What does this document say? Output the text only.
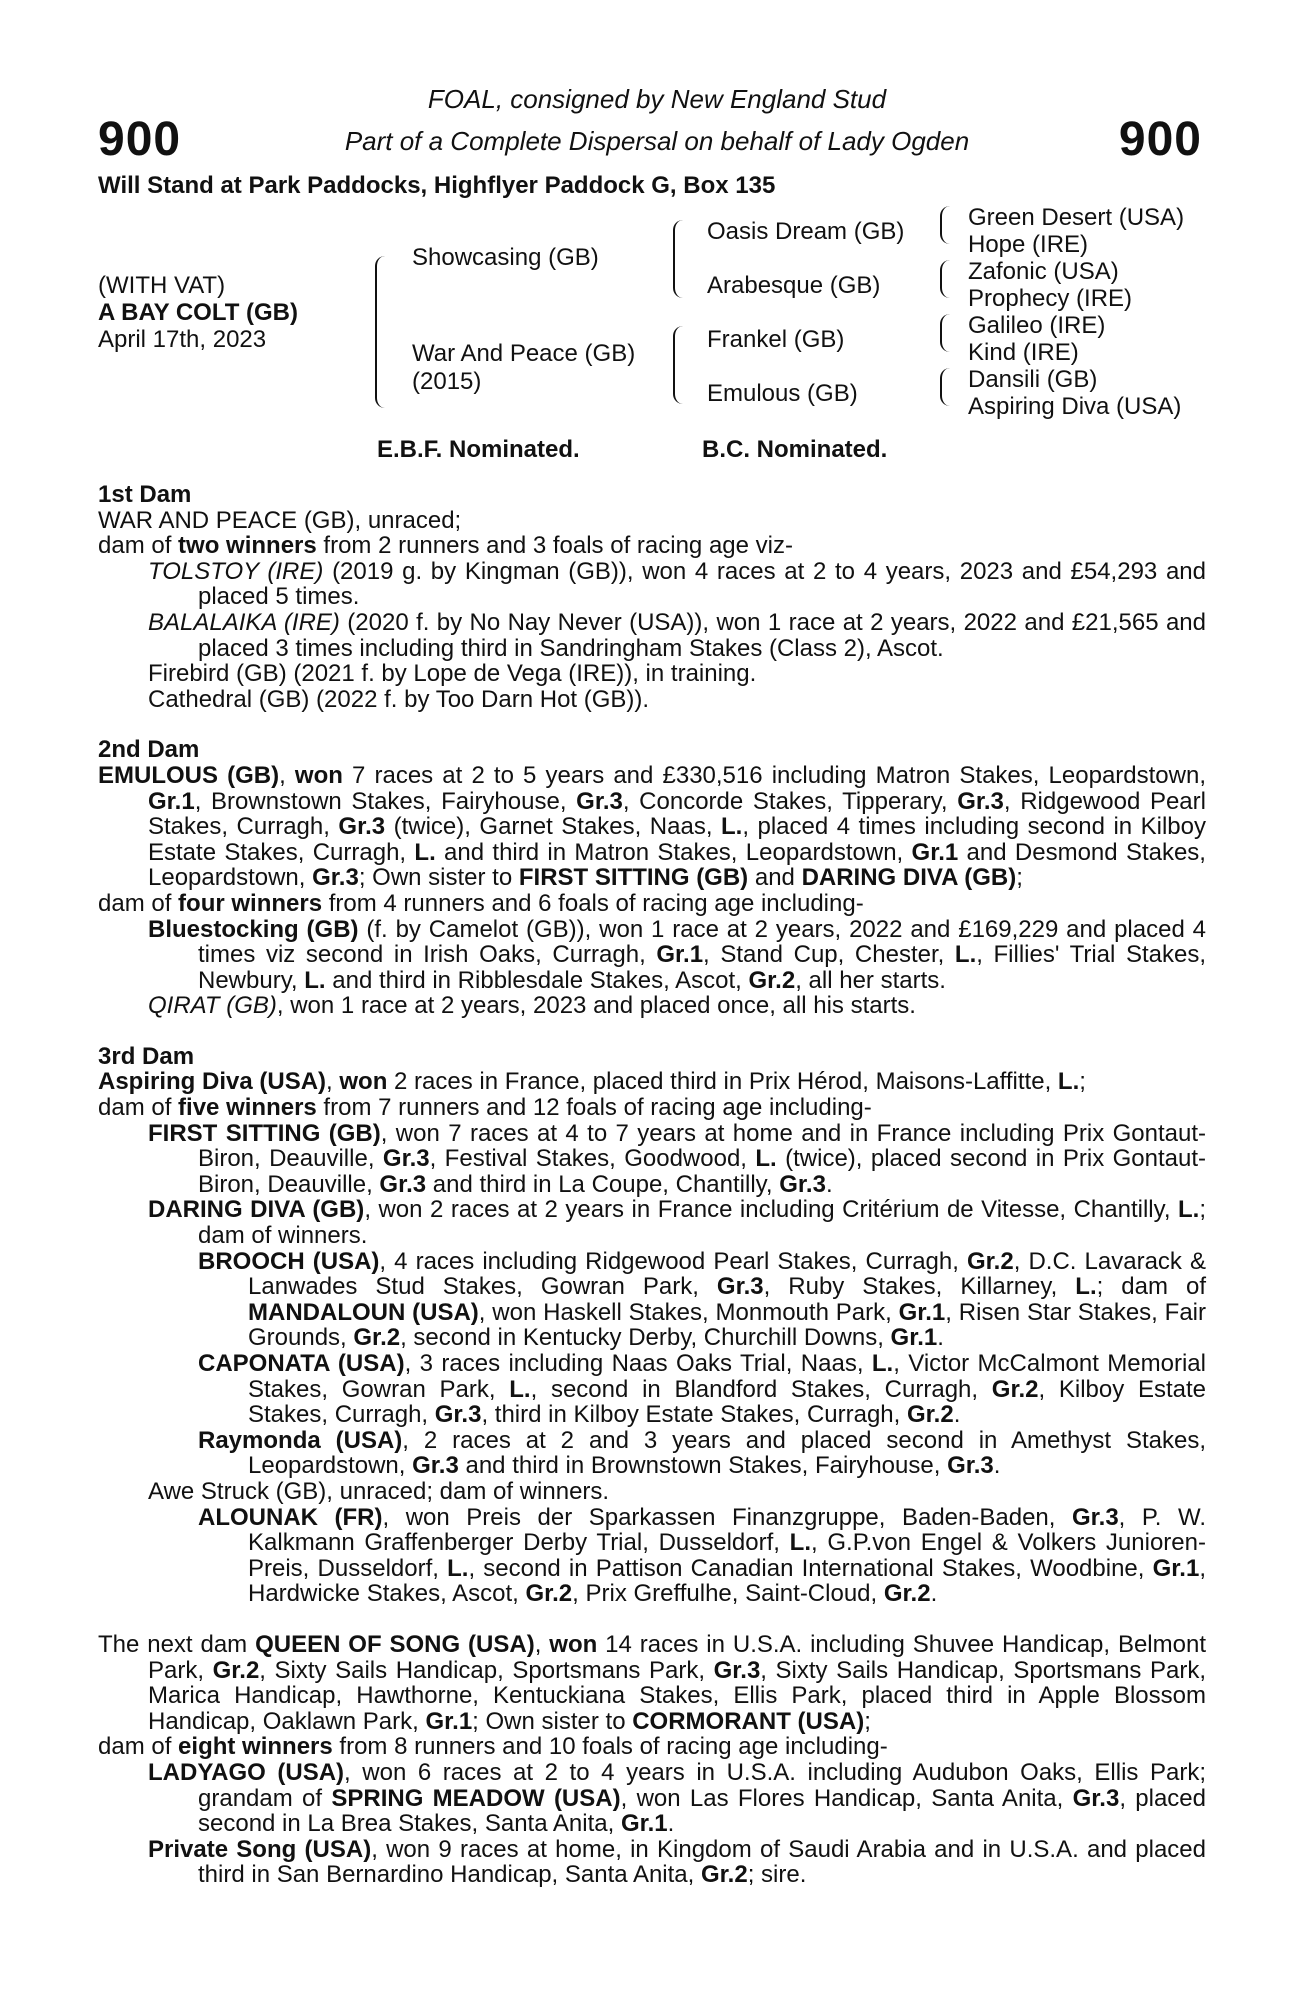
900	900
FOAL, consigned by New England Stud
Part of a Complete Dispersal on behalf of Lady Ogden
Will Stand at Park Paddocks, Highflyer Paddock G, Box 135
(WITH VAT)
A BAY COLT (GB)
April 17th, 2023
Showcasing (GB)
War And Peace (GB)
(2015)
Oasis Dream (GB)
Arabesque (GB)
Frankel (GB)
Emulous (GB)
Green Desert (USA)
Hope (IRE)
Zafonic (USA)
Prophecy (IRE)
Galileo (IRE)
Kind (IRE)
Dansili (GB)
Aspiring Diva (USA)
E.B.F. Nominated.	B.C. Nominated.

1st Dam

WAR AND PEACE (GB), unraced;

dam of two winners from 2 runners and 3 foals of racing age viz-

TOLSTOY (IRE) (2019 g. by Kingman (GB)), won 4 races at 2 to 4 years, 2023 and £54,293 and placed 5 times.

BALALAIKA (IRE) (2020 f. by No Nay Never (USA)), won 1 race at 2 years, 2022 and £21,565 and placed 3 times including third in Sandringham Stakes (Class 2), Ascot.

Firebird (GB) (2021 f. by Lope de Vega (IRE)), in training.

Cathedral (GB) (2022 f. by Too Darn Hot (GB)).

2nd Dam

EMULOUS (GB), won 7 races at 2 to 5 years and £330,516 including Matron Stakes, Leopardstown, Gr.1, Brownstown Stakes, Fairyhouse, Gr.3, Concorde Stakes, Tipperary, Gr.3, Ridgewood Pearl Stakes, Curragh, Gr.3 (twice), Garnet Stakes, Naas, L., placed 4 times including second in Kilboy Estate Stakes, Curragh, L. and third in Matron Stakes, Leopardstown, Gr.1 and Desmond Stakes, Leopardstown, Gr.3; Own sister to FIRST SITTING (GB) and DARING DIVA (GB);

dam of four winners from 4 runners and 6 foals of racing age including-

Bluestocking (GB) (f. by Camelot (GB)), won 1 race at 2 years, 2022 and £169,229 and placed 4 times viz second in Irish Oaks, Curragh, Gr.1, Stand Cup, Chester, L., Fillies' Trial Stakes, Newbury, L. and third in Ribblesdale Stakes, Ascot, Gr.2, all her starts.

QIRAT (GB), won 1 race at 2 years, 2023 and placed once, all his starts.

3rd Dam

Aspiring Diva (USA), won 2 races in France, placed third in Prix Hérod, Maisons-Laffitte, L.;

dam of five winners from 7 runners and 12 foals of racing age including-

FIRST SITTING (GB), won 7 races at 4 to 7 years at home and in France including Prix Gontaut-Biron, Deauville, Gr.3, Festival Stakes, Goodwood, L. (twice), placed second in Prix Gontaut-Biron, Deauville, Gr.3 and third in La Coupe, Chantilly, Gr.3.

DARING DIVA (GB), won 2 races at 2 years in France including Critérium de Vitesse, Chantilly, L.; dam of winners.

BROOCH (USA), 4 races including Ridgewood Pearl Stakes, Curragh, Gr.2, D.C. Lavarack & Lanwades Stud Stakes, Gowran Park, Gr.3, Ruby Stakes, Killarney, L.; dam of MANDALOUN (USA), won Haskell Stakes, Monmouth Park, Gr.1, Risen Star Stakes, Fair Grounds, Gr.2, second in Kentucky Derby, Churchill Downs, Gr.1.

CAPONATA (USA), 3 races including Naas Oaks Trial, Naas, L., Victor McCalmont Memorial Stakes, Gowran Park, L., second in Blandford Stakes, Curragh, Gr.2, Kilboy Estate Stakes, Curragh, Gr.3, third in Kilboy Estate Stakes, Curragh, Gr.2.

Raymonda (USA), 2 races at 2 and 3 years and placed second in Amethyst Stakes, Leopardstown, Gr.3 and third in Brownstown Stakes, Fairyhouse, Gr.3.

Awe Struck (GB), unraced; dam of winners.

ALOUNAK (FR), won Preis der Sparkassen Finanzgruppe, Baden-Baden, Gr.3, P. W. Kalkmann Graffenberger Derby Trial, Dusseldorf, L., G.P.von Engel & Volkers Junioren-Preis, Dusseldorf, L., second in Pattison Canadian International Stakes, Woodbine, Gr.1, Hardwicke Stakes, Ascot, Gr.2, Prix Greffulhe, Saint-Cloud, Gr.2.

The next dam QUEEN OF SONG (USA), won 14 races in U.S.A. including Shuvee Handicap, Belmont Park, Gr.2, Sixty Sails Handicap, Sportsmans Park, Gr.3, Sixty Sails Handicap, Sportsmans Park, Marica Handicap, Hawthorne, Kentuckiana Stakes, Ellis Park, placed third in Apple Blossom Handicap, Oaklawn Park, Gr.1; Own sister to CORMORANT (USA);

dam of eight winners from 8 runners and 10 foals of racing age including-

LADYAGO (USA), won 6 races at 2 to 4 years in U.S.A. including Audubon Oaks, Ellis Park; grandam of SPRING MEADOW (USA), won Las Flores Handicap, Santa Anita, Gr.3, placed second in La Brea Stakes, Santa Anita, Gr.1.

Private Song (USA), won 9 races at home, in Kingdom of Saudi Arabia and in U.S.A. and placed third in San Bernardino Handicap, Santa Anita, Gr.2; sire.
